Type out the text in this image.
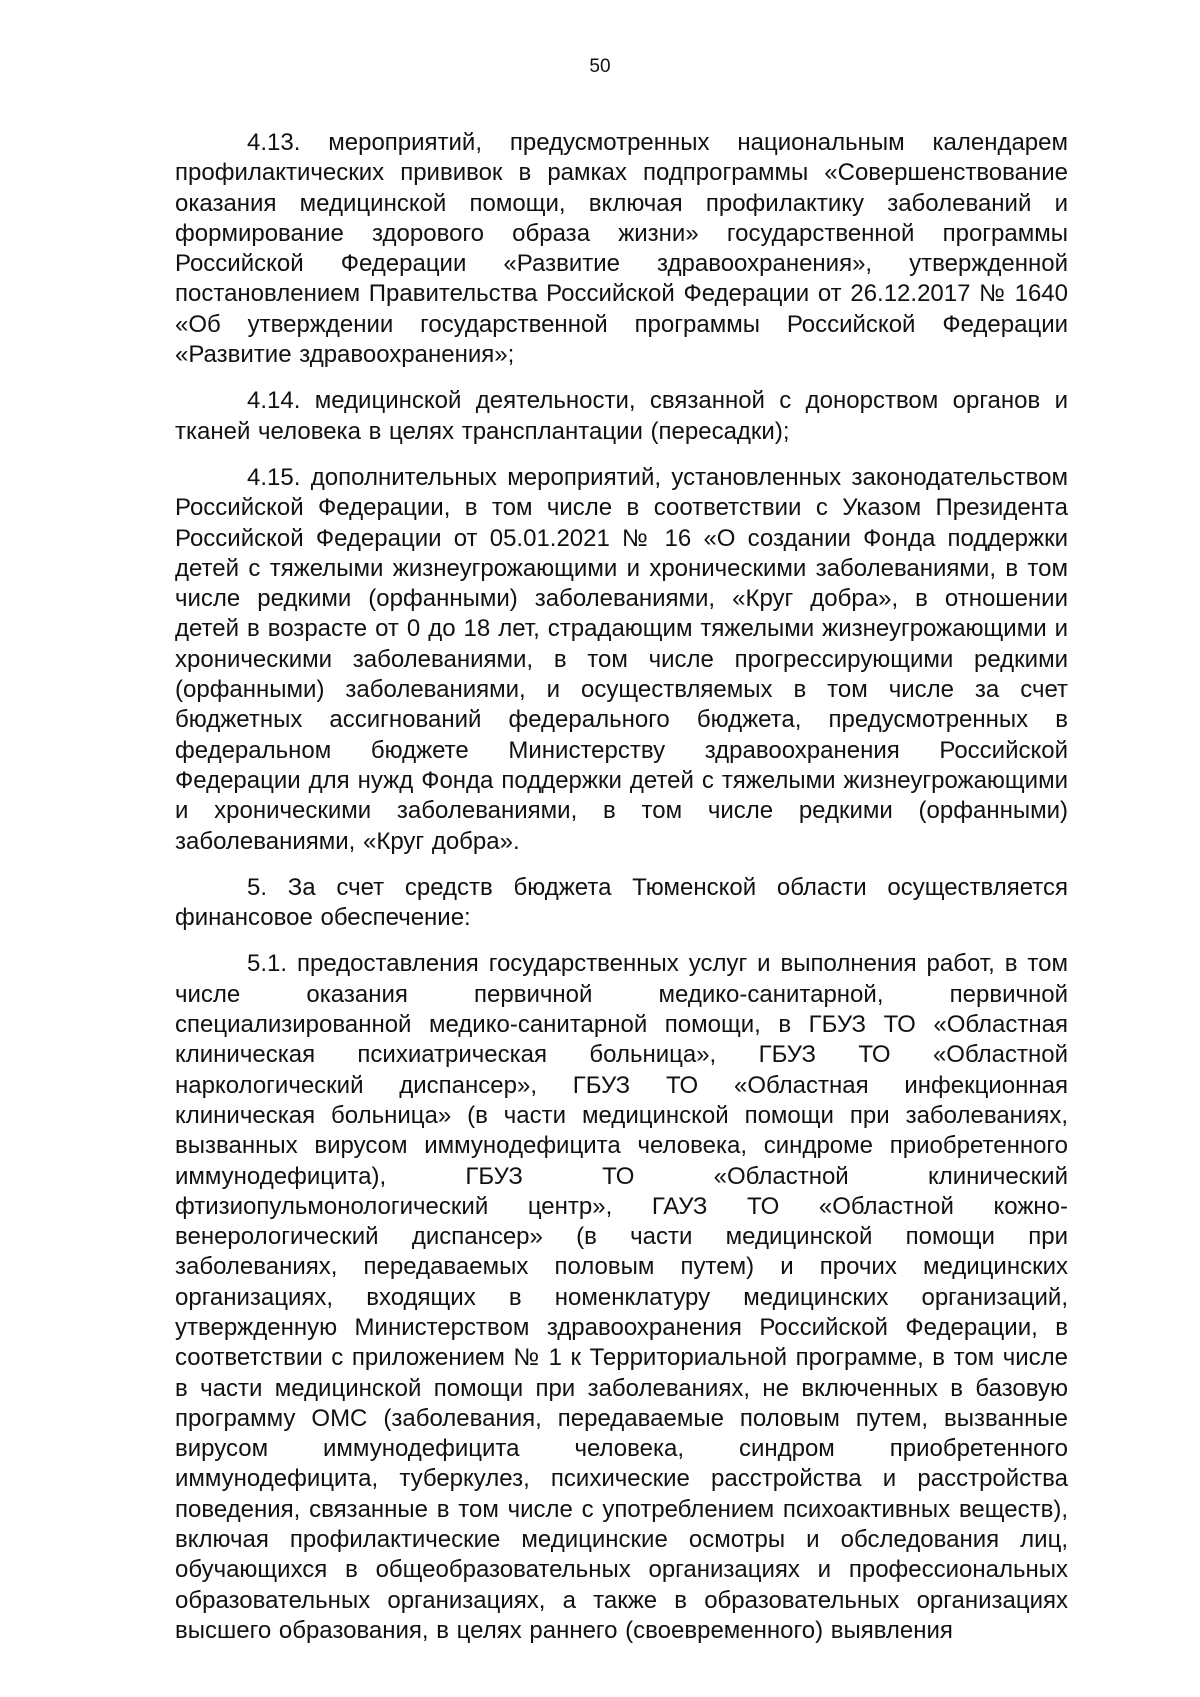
50

4.13. мероприятий, предусмотренных национальным календарем профилактических прививок в рамках подпрограммы «Совершенствование оказания медицинской помощи, включая профилактику заболеваний и формирование здорового образа жизни» государственной программы Российской Федерации «Развитие здравоохранения», утвержденной постановлением Правительства Российской Федерации от 26.12.2017 № 1640 «Об утверждении государственной программы Российской Федерации «Развитие здравоохранения»;

4.14. медицинской деятельности, связанной с донорством органов и тканей человека в целях трансплантации (пересадки);

4.15. дополнительных мероприятий, установленных законодательством Российской Федерации, в том числе в соответствии с Указом Президента Российской Федерации от 05.01.2021 № 16 «О создании Фонда поддержки детей с тяжелыми жизнеугрожающими и хроническими заболеваниями, в том числе редкими (орфанными) заболеваниями, «Круг добра», в отношении детей в возрасте от 0 до 18 лет, страдающим тяжелыми жизнеугрожающими и хроническими заболеваниями, в том числе прогрессирующими редкими (орфанными) заболеваниями, и осуществляемых в том числе за счет бюджетных ассигнований федерального бюджета, предусмотренных в федеральном бюджете Министерству здравоохранения Российской Федерации для нужд Фонда поддержки детей с тяжелыми жизнеугрожающими и хроническими заболеваниями, в том числе редкими (орфанными) заболеваниями, «Круг добра».

5. За счет средств бюджета Тюменской области осуществляется финансовое обеспечение:

5.1. предоставления государственных услуг и выполнения работ, в том числе оказания первичной медико-санитарной, первичной специализированной медико-санитарной помощи, в ГБУЗ ТО «Областная клиническая психиатрическая больница», ГБУЗ ТО «Областной наркологический диспансер», ГБУЗ ТО «Областная инфекционная клиническая больница» (в части медицинской помощи при заболеваниях, вызванных вирусом иммунодефицита человека, синдроме приобретенного иммунодефицита), ГБУЗ ТО «Областной клинический фтизиопульмонологический центр», ГАУЗ ТО «Областной кожно-венерологический диспансер» (в части медицинской помощи при заболеваниях, передаваемых половым путем) и прочих медицинских организациях, входящих в номенклатуру медицинских организаций, утвержденную Министерством здравоохранения Российской Федерации, в соответствии с приложением № 1 к Территориальной программе, в том числе в части медицинской помощи при заболеваниях, не включенных в базовую программу ОМС (заболевания, передаваемые половым путем, вызванные вирусом иммунодефицита человека, синдром приобретенного иммунодефицита, туберкулез, психические расстройства и расстройства поведения, связанные в том числе с употреблением психоактивных веществ), включая профилактические медицинские осмотры и обследования лиц, обучающихся в общеобразовательных организациях и профессиональных образовательных организациях, а также в образовательных организациях высшего образования, в целях раннего (своевременного) выявления
